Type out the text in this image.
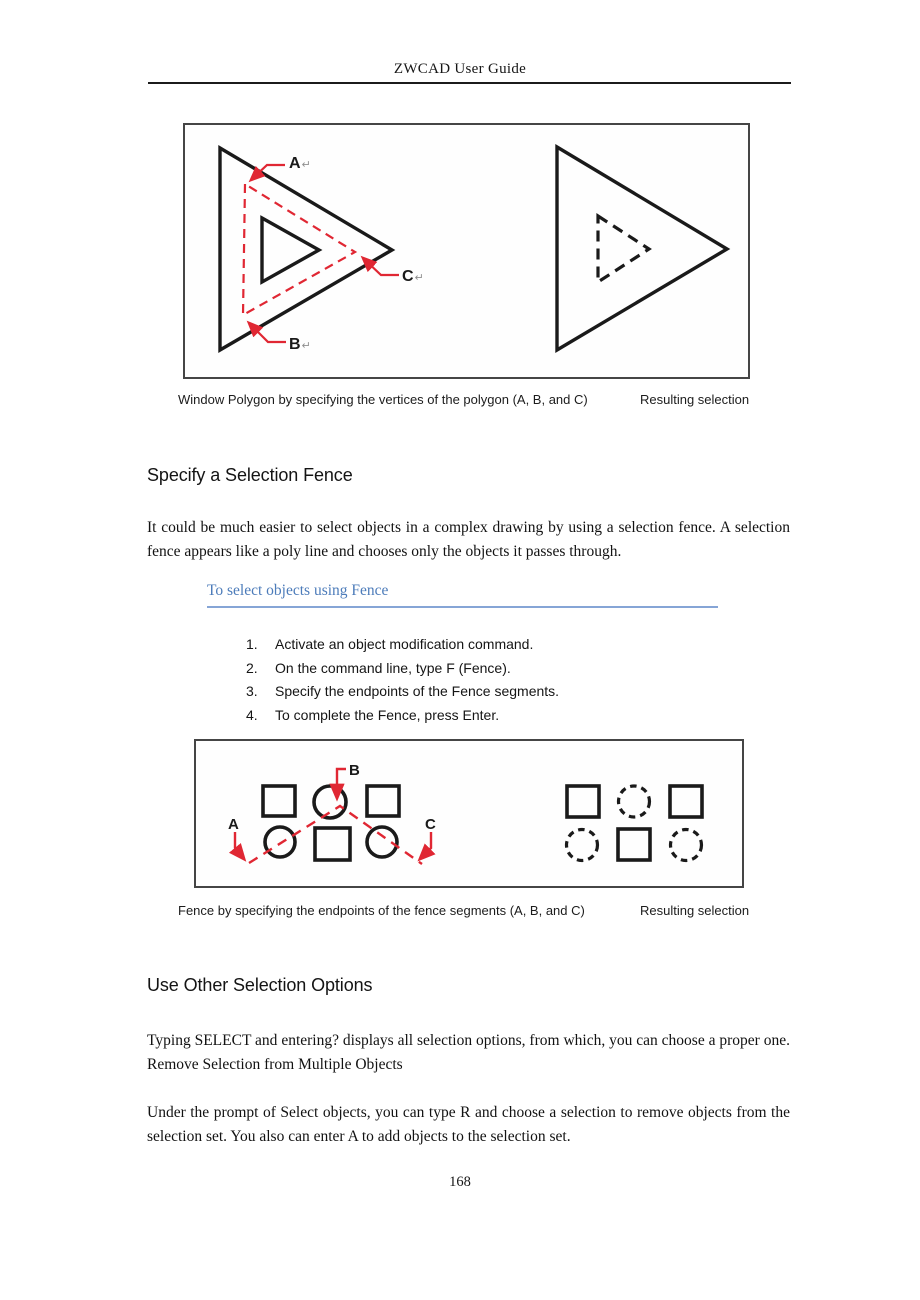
ZWCAD User Guide
A↵
B↵
C↵
Window Polygon by specifying the vertices of the polygon (A, B, and C)	Resulting selection
Specify a Selection Fence
It could be much easier to select objects in a complex drawing by using a selection fence. A selection
fence appears like a poly line and chooses only the objects it passes through.
To select objects using Fence
1.	Activate an object modification command.
2.	On the command line, type F (Fence).
3.	Specify the endpoints of the Fence segments.
4.	To complete the Fence, press Enter.
A
B
C
Fence by specifying the endpoints of the fence segments (A, B, and C)	Resulting selection
Use Other Selection Options
Typing SELECT and entering? displays all selection options, from which, you can choose a proper one.
Remove Selection from Multiple Objects
Under the prompt of Select objects, you can type R and choose a selection to remove objects from the
selection set. You also can enter A to add objects to the selection set.
168
